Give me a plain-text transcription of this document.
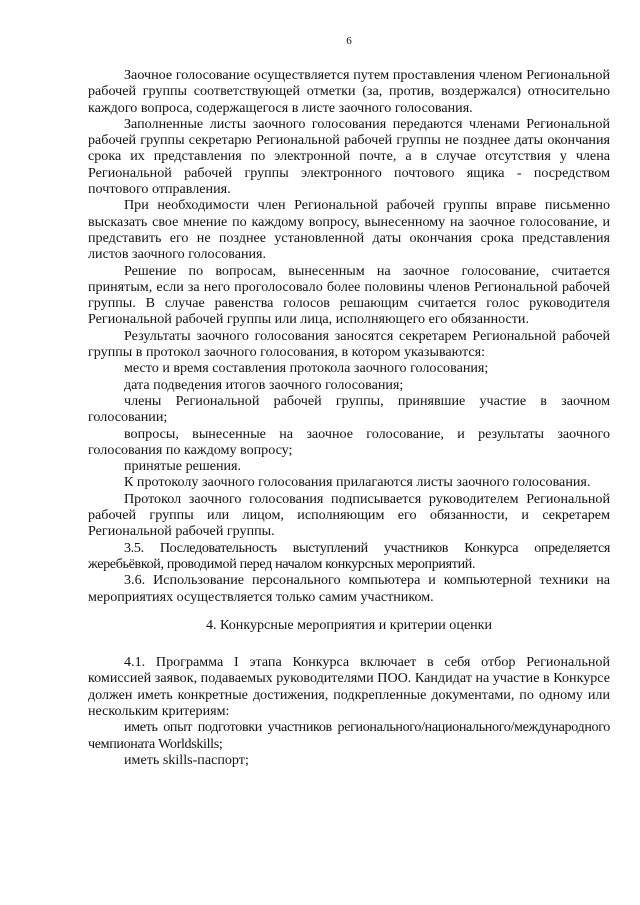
6

Заочное голосование осуществляется путем проставления членом Региональной рабочей группы соответствующей отметки (за, против, воздержался) относительно каждого вопроса, содержащегося в листе заочного голосования.

Заполненные листы заочного голосования передаются членами Региональной рабочей группы секретарю Региональной рабочей группы не позднее даты окончания срока их представления по электронной почте, а в случае отсутствия у члена Региональной рабочей группы электронного почтового ящика - посредством почтового отправления.

При необходимости член Региональной рабочей группы вправе письменно высказать свое мнение по каждому вопросу, вынесенному на заочное голосование, и представить его не позднее установленной даты окончания срока представления листов заочного голосования.

Решение по вопросам, вынесенным на заочное голосование, считается принятым, если за него проголосовало более половины членов Региональной рабочей группы. В случае равенства голосов решающим считается голос руководителя Региональной рабочей группы или лица, исполняющего его обязанности.

Результаты заочного голосования заносятся секретарем Региональной рабочей группы в протокол заочного голосования, в котором указываются:

место и время составления протокола заочного голосования;

дата подведения итогов заочного голосования;

члены Региональной рабочей группы, принявшие участие в заочном голосовании;

вопросы, вынесенные на заочное голосование, и результаты заочного голосования по каждому вопросу;

принятые решения.

К протоколу заочного голосования прилагаются листы заочного голосования.

Протокол заочного голосования подписывается руководителем Региональной рабочей группы или лицом, исполняющим его обязанности, и секретарем Региональной рабочей группы.

3.5. Последовательность выступлений участников Конкурса определяется жеребьёвкой, проводимой перед началом конкурсных мероприятий.

3.6. Использование персонального компьютера и компьютерной техники на мероприятиях осуществляется только самим участником.

4. Конкурсные мероприятия и критерии оценки

4.1. Программа I этапа Конкурса включает в себя отбор Региональной комиссией заявок, подаваемых руководителями ПОО. Кандидат на участие в Конкурсе должен иметь конкретные достижения, подкрепленные документами, по одному или нескольким критериям:

иметь опыт подготовки участников регионального/национального/международного чемпионата Worldskills;

иметь skills-паспорт;
